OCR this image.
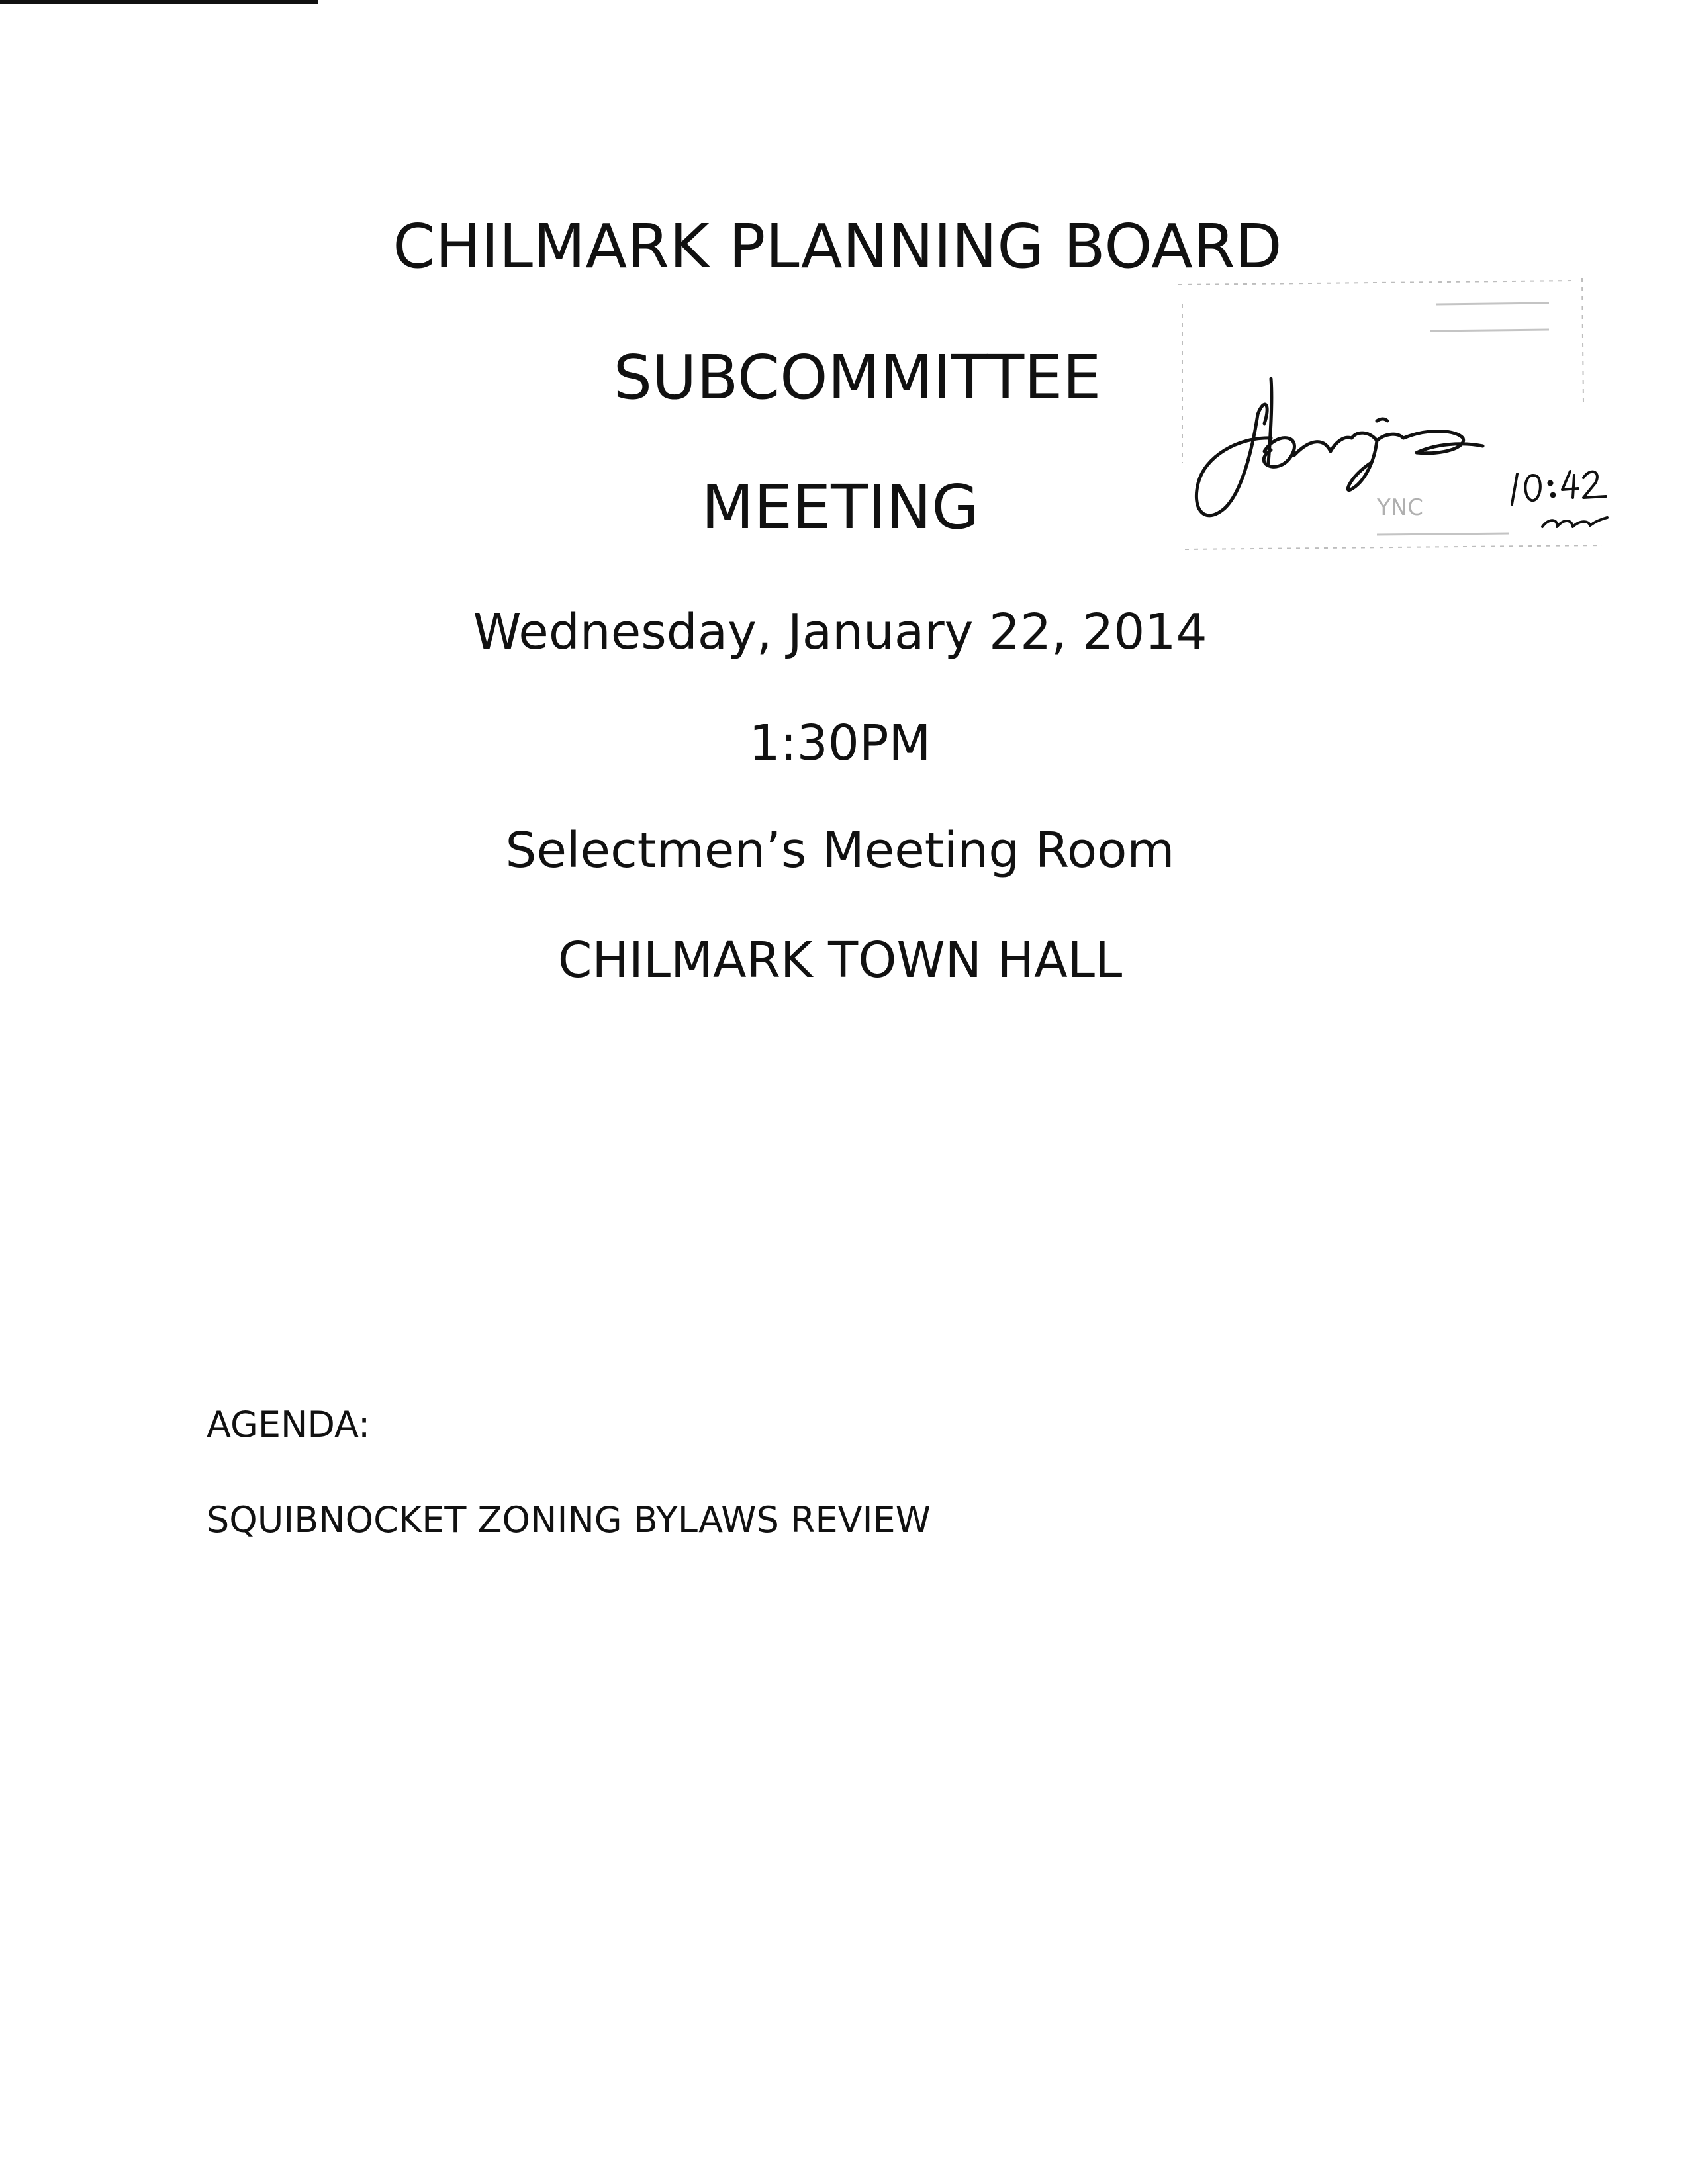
CHILMARK PLANNING BOARD
SUBCOMMITTEE
MEETING
Wednesday, January 22, 2014
1:30PM
Selectmen’s Meeting Room
CHILMARK TOWN HALL
AGENDA:
SQUIBNOCKET ZONING BYLAWS REVIEW
YNC
